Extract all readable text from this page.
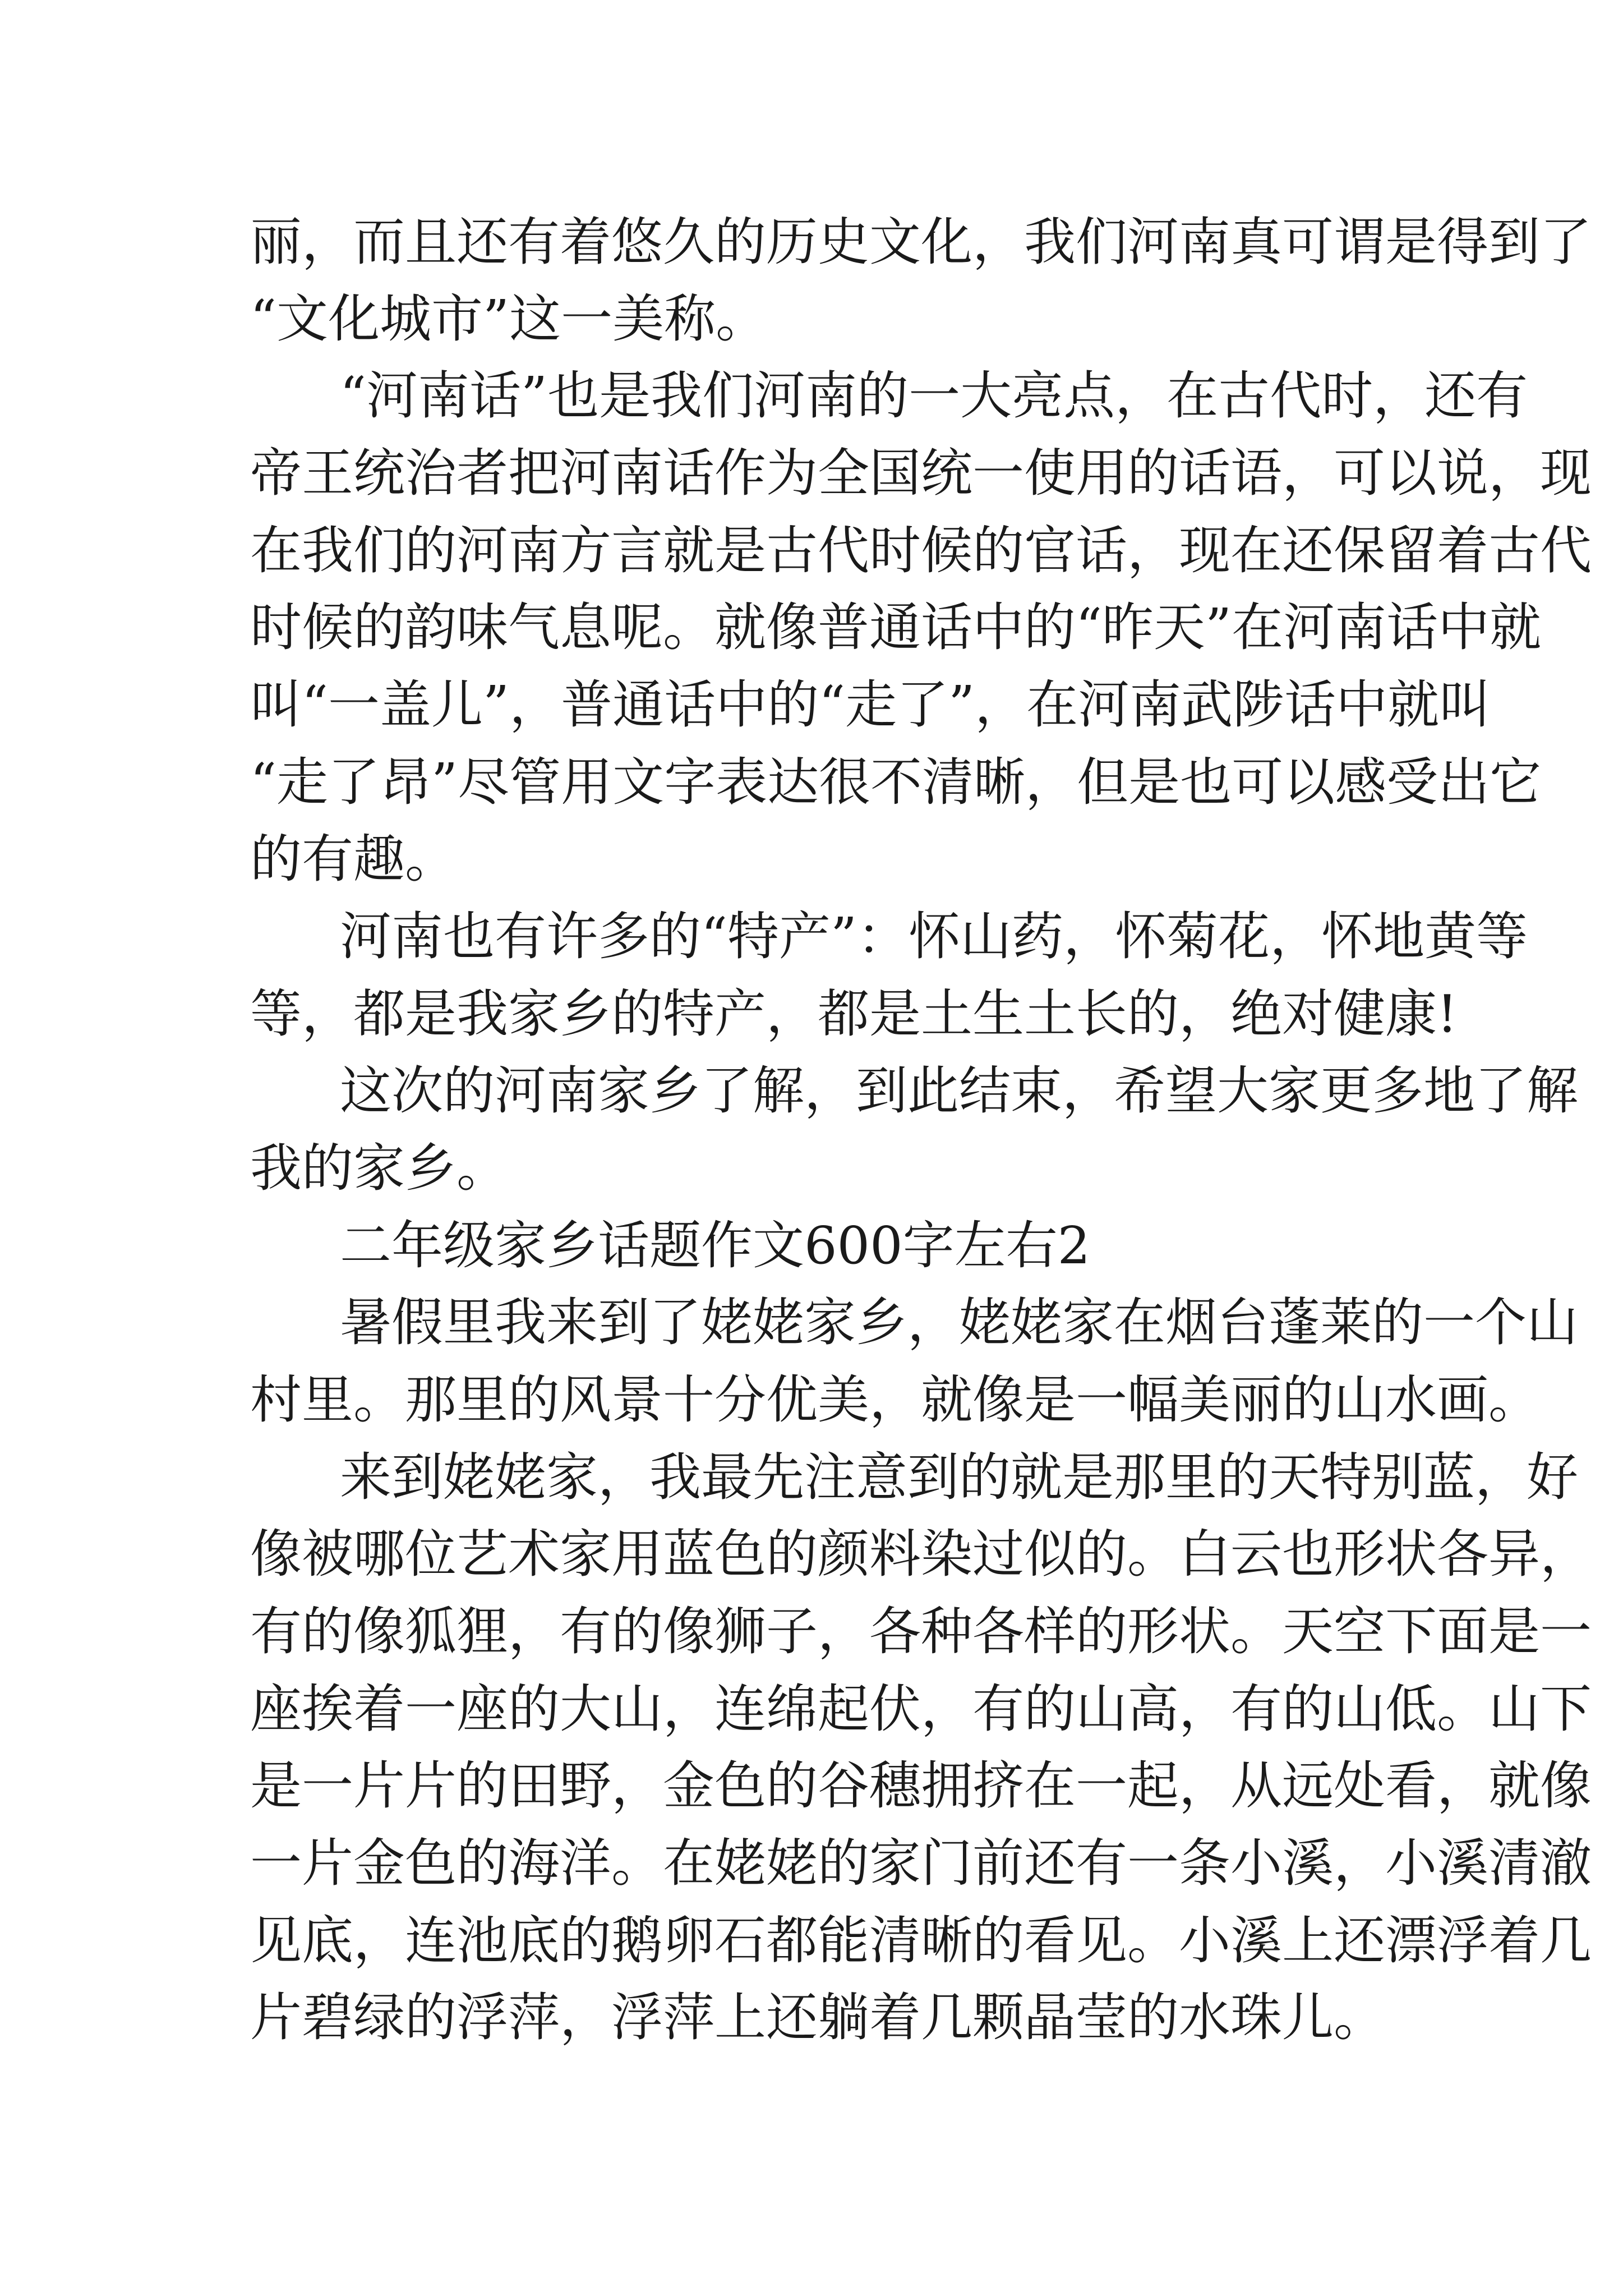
丽，而且还有着悠久的历史文化，我们河南真可谓是得到了
“文化城市”这一美称。
“河南话”也是我们河南的一大亮点，在古代时，还有
帝王统治者把河南话作为全国统一使用的话语，可以说，现
在我们的河南方言就是古代时候的官话，现在还保留着古代
时候的韵味气息呢。就像普通话中的“昨天”在河南话中就
叫“一盖儿”，普通话中的“走了”，在河南武陟话中就叫
“走了昂”尽管用文字表达很不清晰，但是也可以感受出它
的有趣。
河南也有许多的“特产”：怀山药，怀菊花，怀地黄等
等，都是我家乡的特产，都是土生土长的，绝对健康!
这次的河南家乡了解，到此结束，希望大家更多地了解
我的家乡。
二年级家乡话题作文600字左右2
暑假里我来到了姥姥家乡，姥姥家在烟台蓬莱的一个山
村里。那里的风景十分优美，就像是一幅美丽的山水画。
来到姥姥家，我最先注意到的就是那里的天特别蓝，好
像被哪位艺术家用蓝色的颜料染过似的。白云也形状各异，
有的像狐狸，有的像狮子，各种各样的形状。天空下面是一
座挨着一座的大山，连绵起伏，有的山高，有的山低。山下
是一片片的田野，金色的谷穗拥挤在一起，从远处看，就像
一片金色的海洋。在姥姥的家门前还有一条小溪，小溪清澈
见底，连池底的鹅卵石都能清晰的看见。小溪上还漂浮着几
片碧绿的浮萍，浮萍上还躺着几颗晶莹的水珠儿。
